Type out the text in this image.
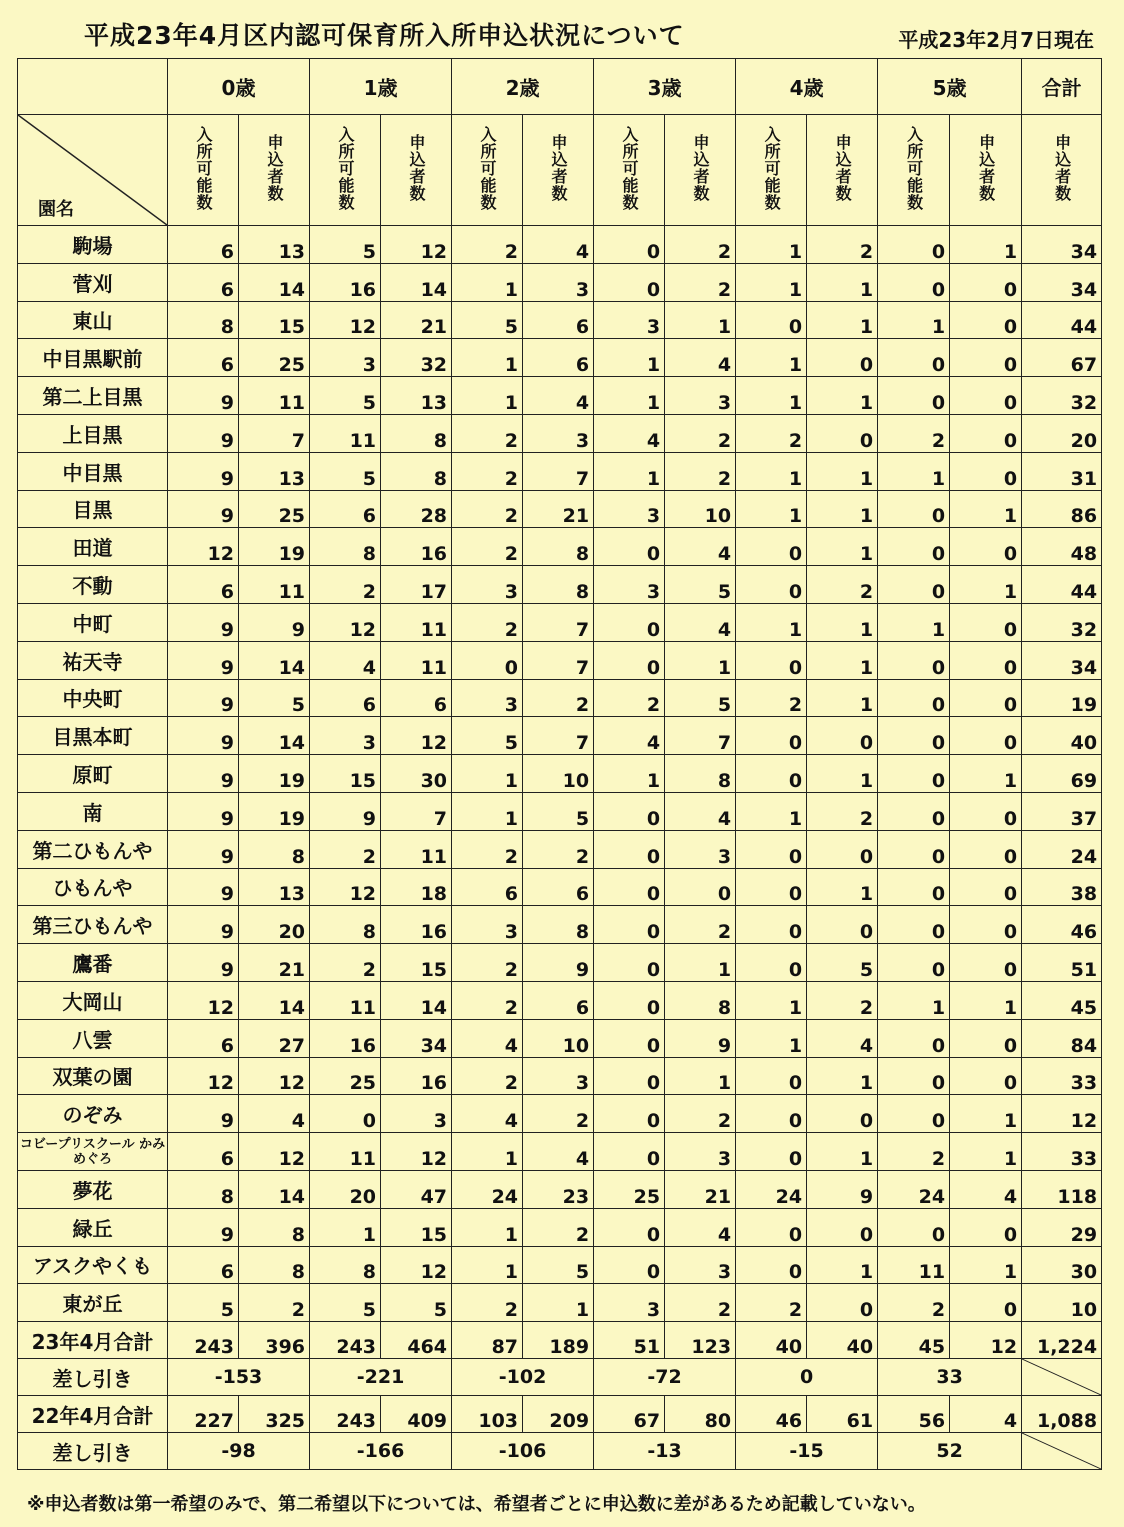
平成23年4月区内認可保育所入所申込状況について	平成23年2月7日現在
	0歳		1歳		2歳		3歳		4歳		5歳		合計

園名	入所可能数	申込者数	入所可能数	申込者数	入所可能数	申込者数	入所可能数	申込者数	入所可能数	申込者数	入所可能数	申込者数	申込者数
駒場	6	13	5	12	2	4	0	2	1	2	0	1	34
菅刈	6	14	16	14	1	3	0	2	1	1	0	0	34
東山	8	15	12	21	5	6	3	1	0	1	1	0	44
中目黒駅前	6	25	3	32	1	6	1	4	1	0	0	0	67
第二上目黒	9	11	5	13	1	4	1	3	1	1	0	0	32
上目黒	9	7	11	8	2	3	4	2	2	0	2	0	20
中目黒	9	13	5	8	2	7	1	2	1	1	1	0	31
目黒	9	25	6	28	2	21	3	10	1	1	0	1	86
田道	12	19	8	16	2	8	0	4	0	1	0	0	48
不動	6	11	2	17	3	8	3	5	0	2	0	1	44
中町	9	9	12	11	2	7	0	4	1	1	1	0	32
祐天寺	9	14	4	11	0	7	0	1	0	1	0	0	34
中央町	9	5	6	6	3	2	2	5	2	1	0	0	19
目黒本町	9	14	3	12	5	7	4	7	0	0	0	0	40
原町	9	19	15	30	1	10	1	8	0	1	0	1	69
南	9	19	9	7	1	5	0	4	1	2	0	0	37
第二ひもんや	9	8	2	11	2	2	0	3	0	0	0	0	24
ひもんや	9	13	12	18	6	6	0	0	0	1	0	0	38
第三ひもんや	9	20	8	16	3	8	0	2	0	0	0	0	46
鷹番	9	21	2	15	2	9	0	1	0	5	0	0	51
大岡山	12	14	11	14	2	6	0	8	1	2	1	1	45
八雲	6	27	16	34	4	10	0	9	1	4	0	0	84
双葉の園	12	12	25	16	2	3	0	1	0	1	0	0	33
のぞみ	9	4	0	3	4	2	0	2	0	0	0	1	12
コビープリスクール かみめぐろ	6	12	11	12	1	4	0	3	0	1	2	1	33
夢花	8	14	20	47	24	23	25	21	24	9	24	4	118
緑丘	9	8	1	15	1	2	0	4	0	0	0	0	29
アスクやくも	6	8	8	12	1	5	0	3	0	1	11	1	30
東が丘	5	2	5	5	2	1	3	2	2	0	2	0	10
23年4月合計	243	396	243	464	87	189	51	123	40	40	45	12	1,224
差し引き	-153		-221		-102		-72		0		33	

22年4月合計	227	325	243	409	103	209	67	80	46	61	56	4	1,088
差し引き	-98		-166		-106		-13		-15		52	
※申込者数は第一希望のみで、第二希望以下については、希望者ごとに申込数に差があるため記載していない。
